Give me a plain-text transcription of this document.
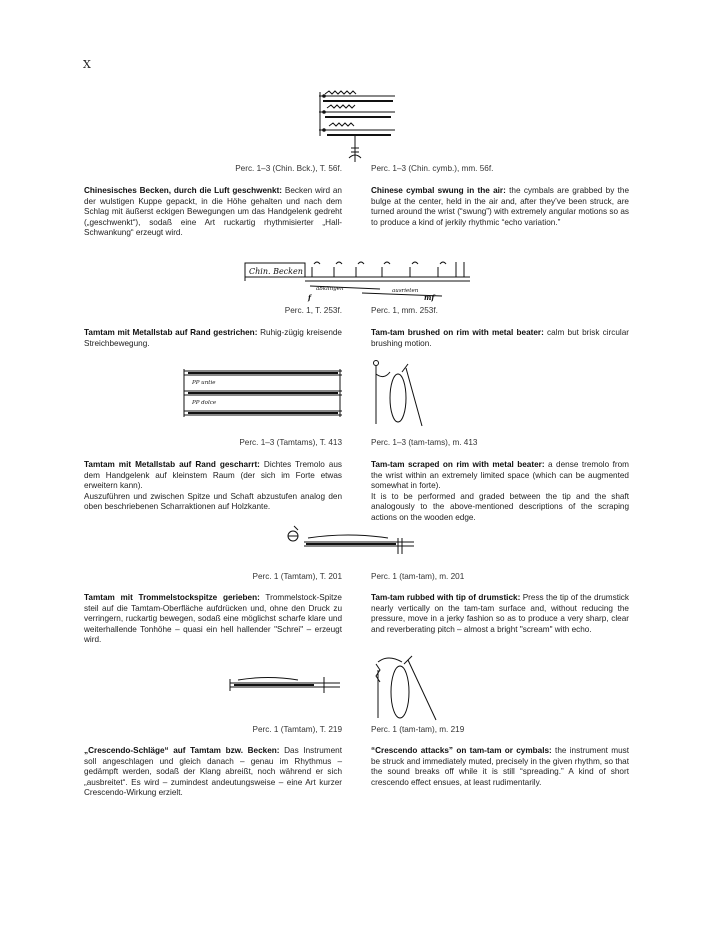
X
Perc. 1–3 (Chin. Bck.), T. 56f.	Perc. 1–3 (Chin. cymb.), mm. 56f.
Chinesisches Becken, durch die Luft geschwenkt: Becken wird an der wulstigen Kuppe gepackt, in die Höhe gehalten und nach dem Schlag mit äußerst eckigen Bewegungen um das Handgelenk gedreht („geschwenkt“), sodaß eine Art ruckartig rhythmisierter „Hall-Schwankung“ erzeugt wird.
Chinese cymbal swung in the air: the cymbals are grabbed by the bulge at the center, held in the air and, after they’ve been struck, are turned around the wrist (“swung”) with extremely angular motions so as to produce a kind of jerkily rhythmic “echo variation.”
Chin. Becken
abklingen	ausrieten
f	mf
Perc. 1, T. 253f.	Perc. 1, mm. 253f.
Tamtam mit Metallstab auf Rand gestrichen: Ruhig-zügig kreisende Streichbewegung.
Tam-tam brushed on rim with metal beater: calm but brisk circular brushing motion.
PP untie
PP dolce
Perc. 1–3 (Tamtams), T. 413	Perc. 1–3 (tam-tams), m. 413
Tamtam mit Metallstab auf Rand gescharrt: Dichtes Tremolo aus dem Handgelenk auf kleinstem Raum (der sich im Forte etwas erweitern kann).
Auszuführen und zwischen Spitze und Schaft abzustufen analog den oben beschriebenen Scharraktionen auf Holzkante.
Tam-tam scraped on rim with metal beater: a dense tremolo from the wrist within an extremely limited space (which can be augmented somewhat in forte).
It is to be performed and graded between the tip and the shaft analogously to the above-mentioned descriptions of the scraping actions on the wooden edge.
Perc. 1 (Tamtam), T. 201	Perc. 1 (tam-tam), m. 201
Tamtam mit Trommelstockspitze gerieben: Trommelstock-Spitze steil auf die Tamtam-Oberfläche aufdrücken und, ohne den Druck zu verringern, ruckartig bewegen, sodaß eine möglichst scharfe klare und weiterhallende Tonhöhe – quasi ein hell hallender "Schrei" – erzeugt wird.
Tam-tam rubbed with tip of drumstick: Press the tip of the drumstick nearly vertically on the tam-tam surface and, without reducing the pressure, move in a jerky fashion so as to produce a very sharp, clear and reverberating pitch – almost a bright "scream" with echo.
Perc. 1 (Tamtam), T. 219	Perc. 1 (tam-tam), m. 219
„Crescendo-Schläge“ auf Tamtam bzw. Becken: Das Instrument soll angeschlagen und gleich danach – genau im Rhythmus – gedämpft werden, sodaß der Klang abreißt, noch während er sich „ausbreitet“. Es wird – zumindest andeutungsweise – eine Art kurzer Crescendo-Wirkung erzielt.
“Crescendo attacks” on tam-tam or cymbals: the instrument must be struck and immediately muted, precisely in the given rhythm, so that the sound breaks off while it is still “spreading.” A kind of short crescendo effect ensues, at least rudimentarily.
